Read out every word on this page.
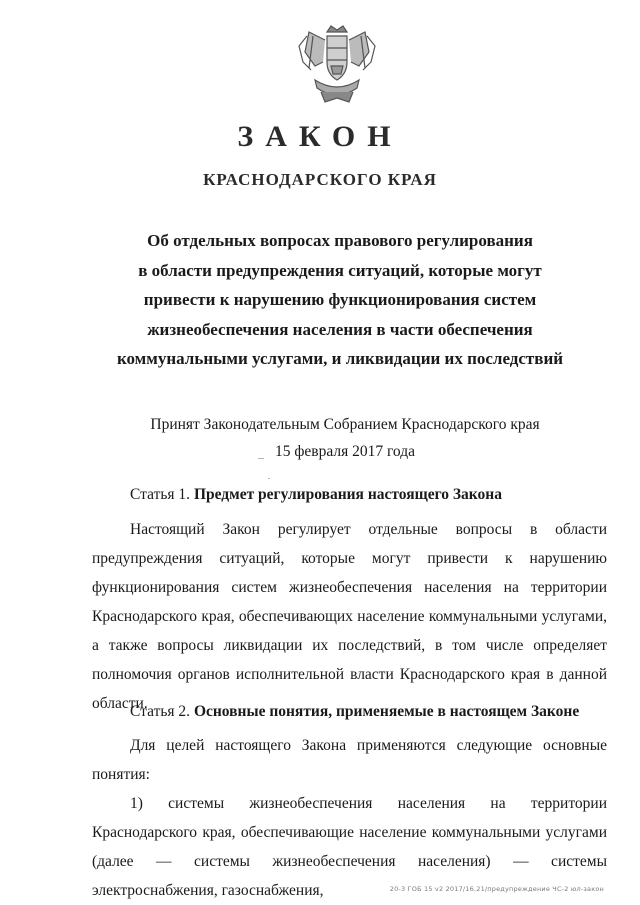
ЗАКОН
КРАСНОДАРСКОГО КРАЯ
Об отдельных вопросах правового регулирования
в области предупреждения ситуаций, которые могут
привести к нарушению функционирования систем
жизнеобеспечения населения в части обеспечения
коммунальными услугами, и ликвидации их последствий
Принят Законодательным Собранием Краснодарского края
15 февраля 2017 года
Статья 1. Предмет регулирования настоящего Закона

Настоящий Закон регулирует отдельные вопросы в области предупреждения ситуаций, которые могут привести к нарушению функционирования систем жизнеобеспечения населения на территории Краснодарского края, обеспечивающих население коммунальными услугами, а также вопросы ликвидации их последствий, в том числе определяет полномочия органов исполнительной власти Краснодарского края в данной области.

Статья 2. Основные понятия, применяемые в настоящем Законе

Для целей настоящего Закона применяются следующие основные понятия:

1) системы жизнеобеспечения населения на территории Краснодарского края, обеспечивающие население коммунальными услугами (далее — системы жизнеобеспечения населения) — системы электроснабжения, газоснабжения,	20-3 ГОБ 15 v2 2017/16.21/предупреждение ЧС-2 юл-закон
